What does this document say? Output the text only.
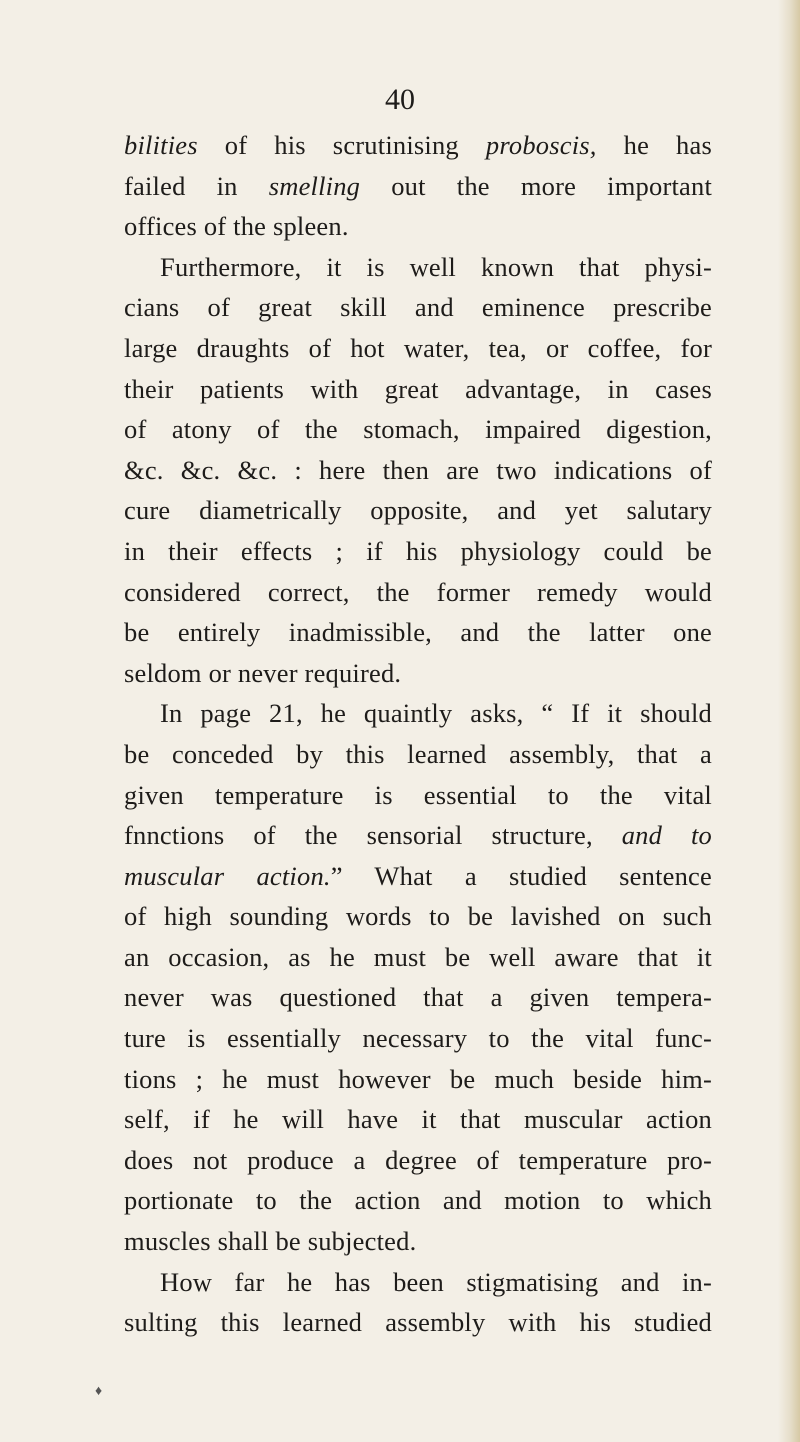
40
bilities of his scrutinising proboscis, he has
failed in smelling out the more important
offices of the spleen.
Furthermore, it is well known that physi-
cians of great skill and eminence prescribe
large draughts of hot water, tea, or coffee, for
their patients with great advantage, in cases
of atony of the stomach, impaired digestion,
&c. &c. &c. : here then are two indications of
cure diametrically opposite, and yet salutary
in their effects ; if his physiology could be
considered correct, the former remedy would
be entirely inadmissible, and the latter one
seldom or never required.
In page 21, he quaintly asks, “ If it should
be conceded by this learned assembly, that a
given temperature is essential to the vital
fnnctions of the sensorial structure, and to
muscular action.” What a studied sentence
of high sounding words to be lavished on such
an occasion, as he must be well aware that it
never was questioned that a given tempera-
ture is essentially necessary to the vital func-
tions ; he must however be much beside him-
self, if he will have it that muscular action
does not produce a degree of temperature pro-
portionate to the action and motion to which
muscles shall be subjected.
How far he has been stigmatising and in-
sulting this learned assembly with his studied
♦
